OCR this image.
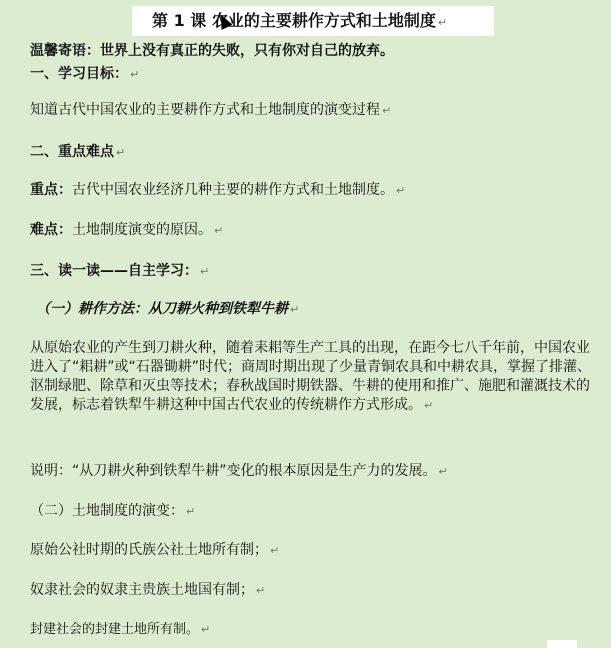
第 1 课 农业的主要耕作方式和土地制度 ↵
温馨寄语：世界上没有真正的失败，只有你对自己的放弃。
一、学习目标： ↵
知道古代中国农业的主要耕作方式和土地制度的演变过程 ↵
二、重点难点 ↵
重点：古代中国农业经济几种主要的耕作方式和土地制度。 ↵
难点：土地制度演变的原因。 ↵
三、读一读——自主学习： ↵
（一）耕作方法：从刀耕火种到铁犁牛耕 ↵
从原始农业的产生到刀耕火种，随着耒耜等生产工具的出现，在距今七八千年前，中国农业进入了“耜耕”或“石器锄耕”时代；商周时期出现了少量青铜农具和中耕农具，掌握了排灌、沤制绿肥、除草和灭虫等技术；春秋战国时期铁器、牛耕的使用和推广、施肥和灌溉技术的发展，标志着铁犁牛耕这种中国古代农业的传统耕作方式形成。 ↵
说明：“从刀耕火种到铁犁牛耕”变化的根本原因是生产力的发展。 ↵
（二）土地制度的演变： ↵
原始公社时期的氏族公社土地所有制； ↵
奴隶社会的奴隶主贵族土地国有制； ↵
封建社会的封建土地所有制。 ↵
